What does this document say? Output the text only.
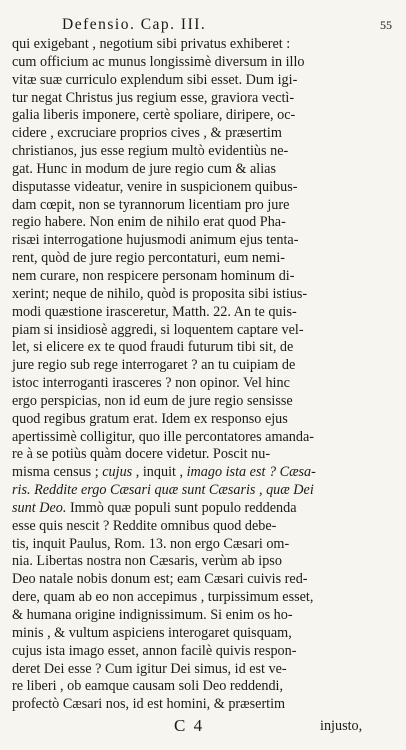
Defensio. Cap. III.	55
qui exigebant , negotium sibi privatus exhiberet :
cum officium ac munus longissimè diversum in illo
vitæ suæ curriculo explendum sibi esset. Dum igi-
tur negat Christus jus regium esse, graviora vectì-
galia liberis imponere, certè spoliare, diripere, oc-
cidere , excruciare proprios cives , & præsertim
christianos, jus esse regium multò evidentiùs ne-
gat. Hunc in modum de jure regio cum & alias
disputasse videatur, venire in suspicionem quibus-
dam cœpit, non se tyrannorum licentiam pro jure
regio habere. Non enim de nihilo erat quod Pha-
risæi interrogatione hujusmodi animum ejus tenta-
rent, quòd de jure regio percontaturi, eum nemi-
nem curare, non respicere personam hominum di-
xerint; neque de nihilo, quòd is proposita sibi istius-
modi quæstione irasceretur, Matth. 22. An te quis-
piam si insidiosè aggredi, si loquentem captare vel-
let, si elicere ex te quod fraudi futurum tibi sit, de
jure regio sub rege interrogaret ? an tu cuipiam de
istoc interroganti irasceres ? non opinor. Vel hinc
ergo perspicias, non id eum de jure regio sensisse
quod regibus gratum erat. Idem ex responso ejus
apertissimè colligitur, quo ille percontatores amanda-
re à se potiùs quàm docere videtur. Poscit nu-
misma census ; cujus , inquit , imago ista est ? Cæsa-
ris. Reddite ergo Cæsari quæ sunt Cæsaris , quæ Dei
sunt Deo. Immò quæ populi sunt populo reddenda
esse quis nescit ? Reddite omnibus quod debe-
tis, inquit Paulus, Rom. 13. non ergo Cæsari om-
nia. Libertas nostra non Cæsaris, verùm ab ipso
Deo natale nobis donum est; eam Cæsari cuivis red-
dere, quam ab eo non accepimus , turpissimum esset,
& humana origine indignissimum. Si enim os ho-
minis , & vultum aspiciens interogaret quisquam,
cujus ista imago esset, annon facilè quivis respon-
deret Dei esse ? Cum igitur Dei simus, id est ve-
re liberi , ob eamque causam soli Deo reddendi,
profectò Cæsari nos, id est homini, & præsertim
C 4	injusto,
